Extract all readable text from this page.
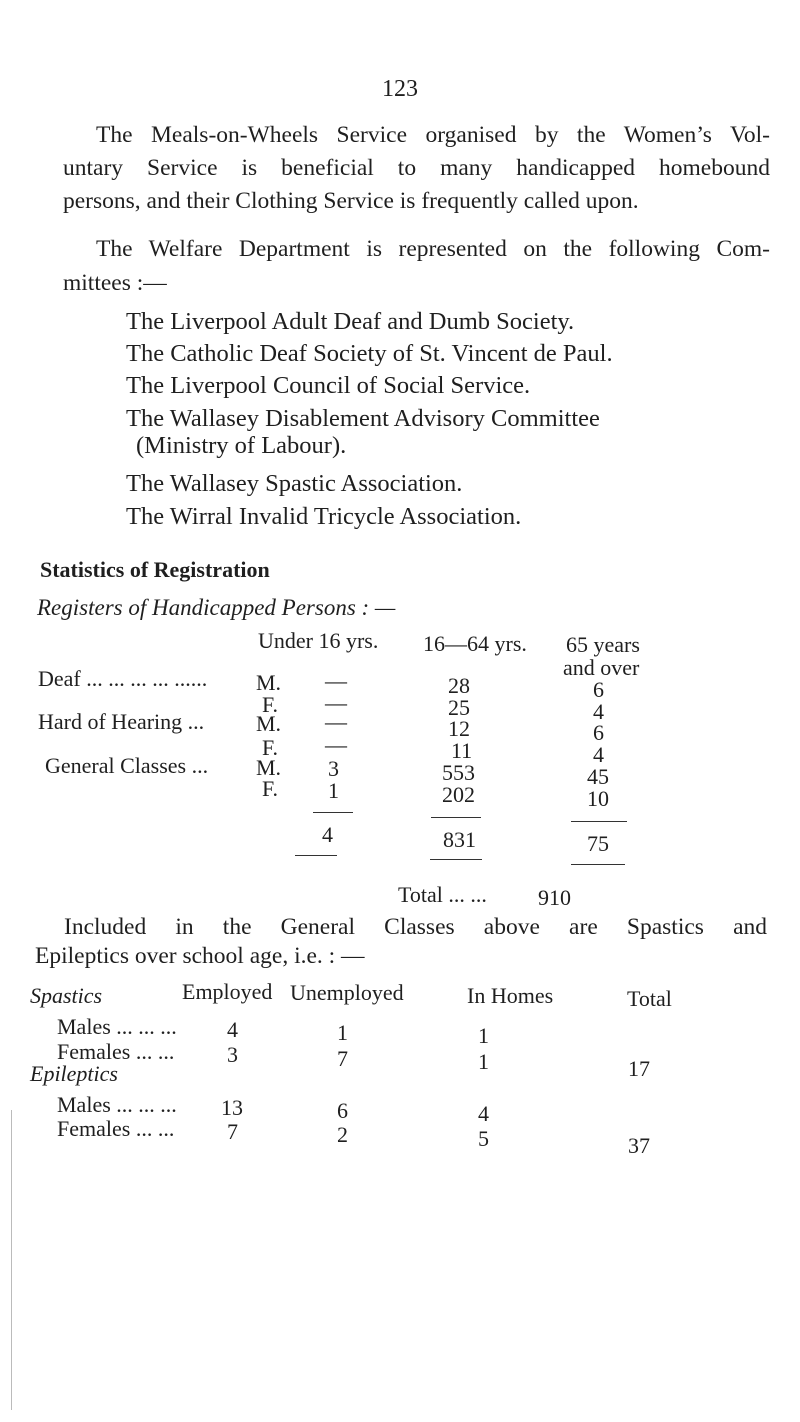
123
The Meals-on-Wheels Service organised by the Women’s Vol-
untary Service is beneficial to many handicapped homebound
persons, and their Clothing Service is frequently called upon.
The Welfare Department is represented on the following Com-
mittees :—
The Liverpool Adult Deaf and Dumb Society.
The Catholic Deaf Society of St. Vincent de Paul.
The Liverpool Council of Social Service.
The Wallasey Disablement Advisory Committee
(Ministry of Labour).
The Wallasey Spastic Association.
The Wirral Invalid Tricycle Association.
Statistics of Registration
Registers of Handicapped Persons : —
Under 16 yrs. 16—64 yrs. 65 years
and over
Deaf ... ... ... ... ...... M. —	28	6
F. —	25	4
Hard of Hearing ... M. —	12	6
F. —	11	4
General Classes ... M. 3	553	45
F. 1	202	10
4	831	75
Total ... ... 910
Included in the General Classes above are Spastics and
Epileptics over school age, i.e. : —
Employed Unemployed	In Homes	Total
Spastics
Males ... ... ... 4	1	1
Females ... ... 3	7	1	17
Epileptics
Males ... ... ... 13	6	4
Females ... ... 7	2	5	37
